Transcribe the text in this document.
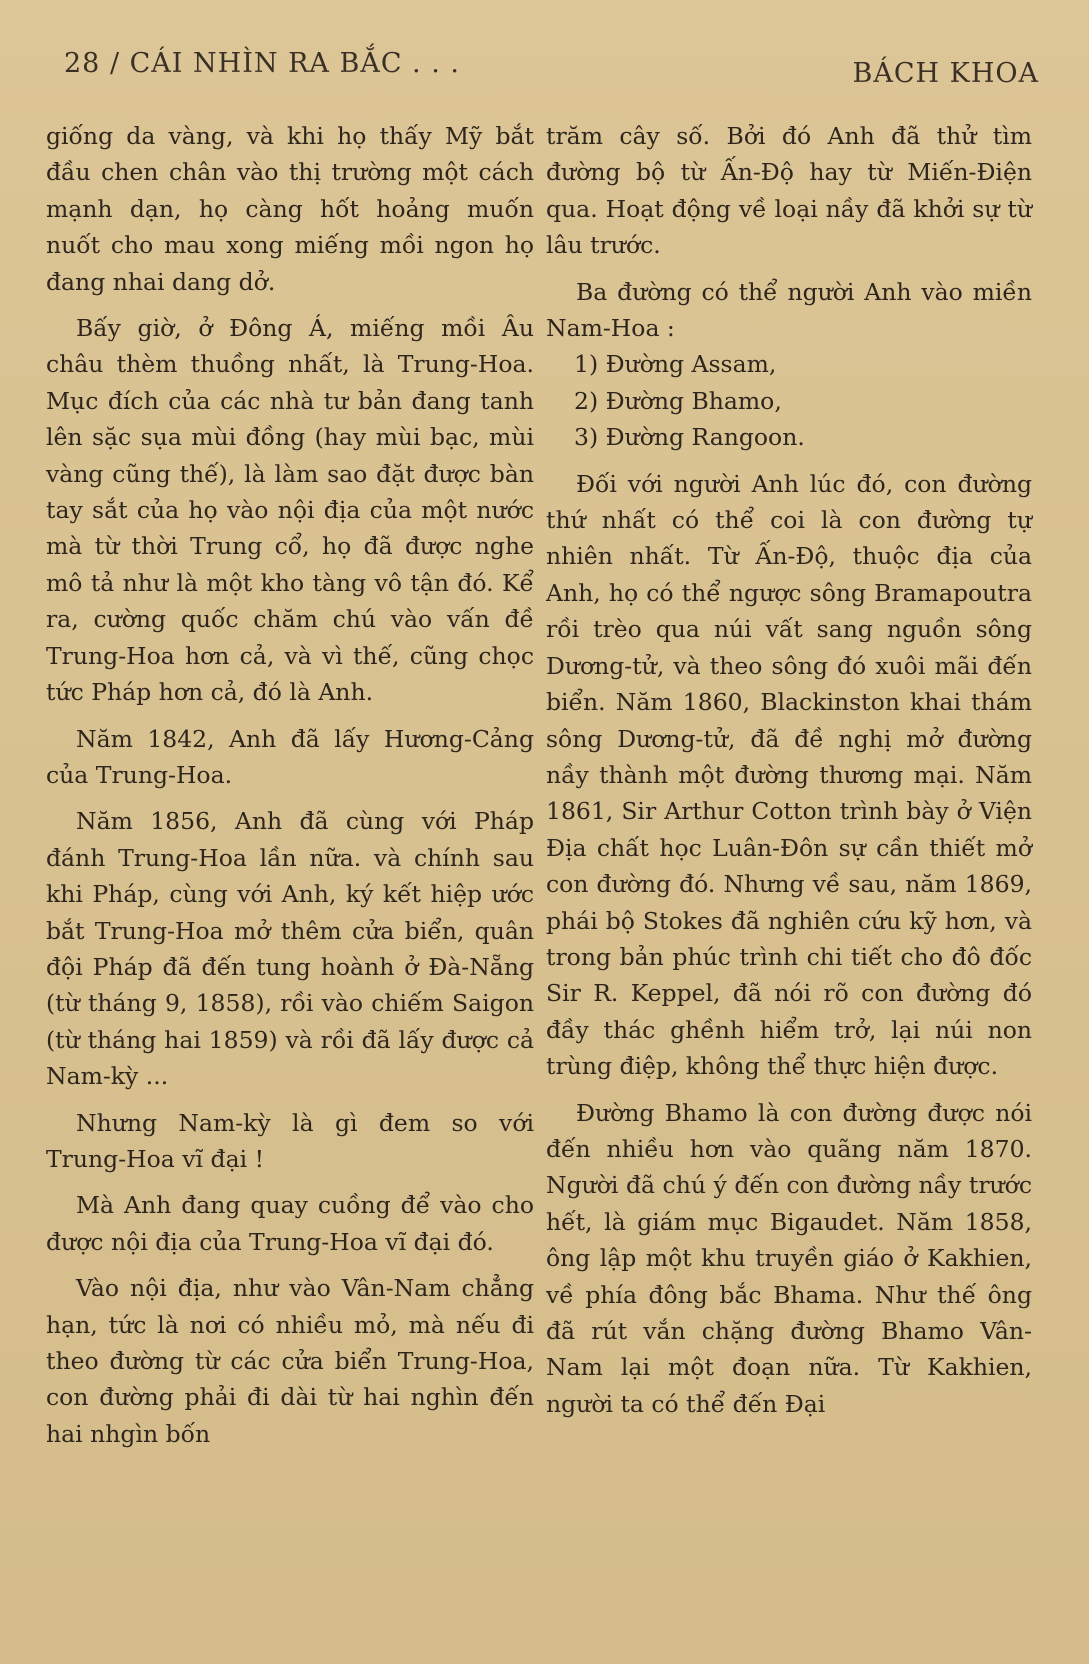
28 / CÁI NHÌN RA BẮC . . .	BÁCH KHOA

giống da vàng, và khi họ thấy Mỹ bắt đầu chen chân vào thị trường một cách mạnh dạn, họ càng hốt hoảng muốn nuốt cho mau xong miếng mồi ngon họ đang nhai dang dở.

Bấy giờ, ở Đông Á, miếng mồi Âu châu thèm thuồng nhất, là Trung-Hoa. Mục đích của các nhà tư bản đang tanh lên sặc sụa mùi đồng (hay mùi bạc, mùi vàng cũng thế), là làm sao đặt được bàn tay sắt của họ vào nội địa của một nước mà từ thời Trung cổ, họ đã được nghe mô tả như là một kho tàng vô tận đó. Kể ra, cường quốc chăm chú vào vấn đề Trung-Hoa hơn cả, và vì thế, cũng chọc tức Pháp hơn cả, đó là Anh.

Năm 1842, Anh đã lấy Hương-Cảng của Trung-Hoa.

Năm 1856, Anh đã cùng với Pháp đánh Trung-Hoa lần nữa. và chính sau khi Pháp, cùng với Anh, ký kết hiệp ước bắt Trung-Hoa mở thêm cửa biển, quân đội Pháp đã đến tung hoành ở Đà-Nẵng (từ tháng 9, 1858), rồi vào chiếm Saigon (từ tháng hai 1859) và rồi đã lấy được cả Nam-kỳ ...

Nhưng Nam-kỳ là gì đem so với Trung-Hoa vĩ đại !

Mà Anh đang quay cuồng để vào cho được nội địa của Trung-Hoa vĩ đại đó.

Vào nội địa, như vào Vân-Nam chẳng hạn, tức là nơi có nhiều mỏ, mà nếu đi theo đường từ các cửa biển Trung-Hoa, con đường phải đi dài từ hai nghìn đến hai nhgìn bốn

trăm cây số. Bởi đó Anh đã thử tìm đường bộ từ Ấn-Độ hay từ Miến-Điện qua. Hoạt động về loại nầy đã khởi sự từ lâu trước.

Ba đường có thể người Anh vào miền Nam-Hoa :

1) Đường Assam,
2) Đường Bhamo,
3) Đường Rangoon.

Đối với người Anh lúc đó, con đường thứ nhất có thể coi là con đường tự nhiên nhất. Từ Ấn-Độ, thuộc địa của Anh, họ có thể ngược sông Bramapoutra rồi trèo qua núi vất sang nguồn sông Dương-tử, và theo sông đó xuôi mãi đến biển. Năm 1860, Blackinston khai thám sông Dương-tử, đã đề nghị mở đường nầy thành một đường thương mại. Năm 1861, Sir Arthur Cotton trình bày ở Viện Địa chất học Luân-Đôn sự cần thiết mở con đường đó. Nhưng về sau, năm 1869, phái bộ Stokes đã nghiên cứu kỹ hơn, và trong bản phúc trình chi tiết cho đô đốc Sir R. Keppel, đã nói rõ con đường đó đầy thác ghềnh hiểm trở, lại núi non trùng điệp, không thể thực hiện được.

Đường Bhamo là con đường được nói đến nhiều hơn vào quãng năm 1870. Người đã chú ý đến con đường nầy trước hết, là giám mục Bigaudet. Năm 1858, ông lập một khu truyền giáo ở Kakhien, về phía đông bắc Bhama. Như thế ông đã rút vắn chặng đường Bhamo Vân-Nam lại một đoạn nữa. Từ Kakhien, người ta có thể đến Đại
